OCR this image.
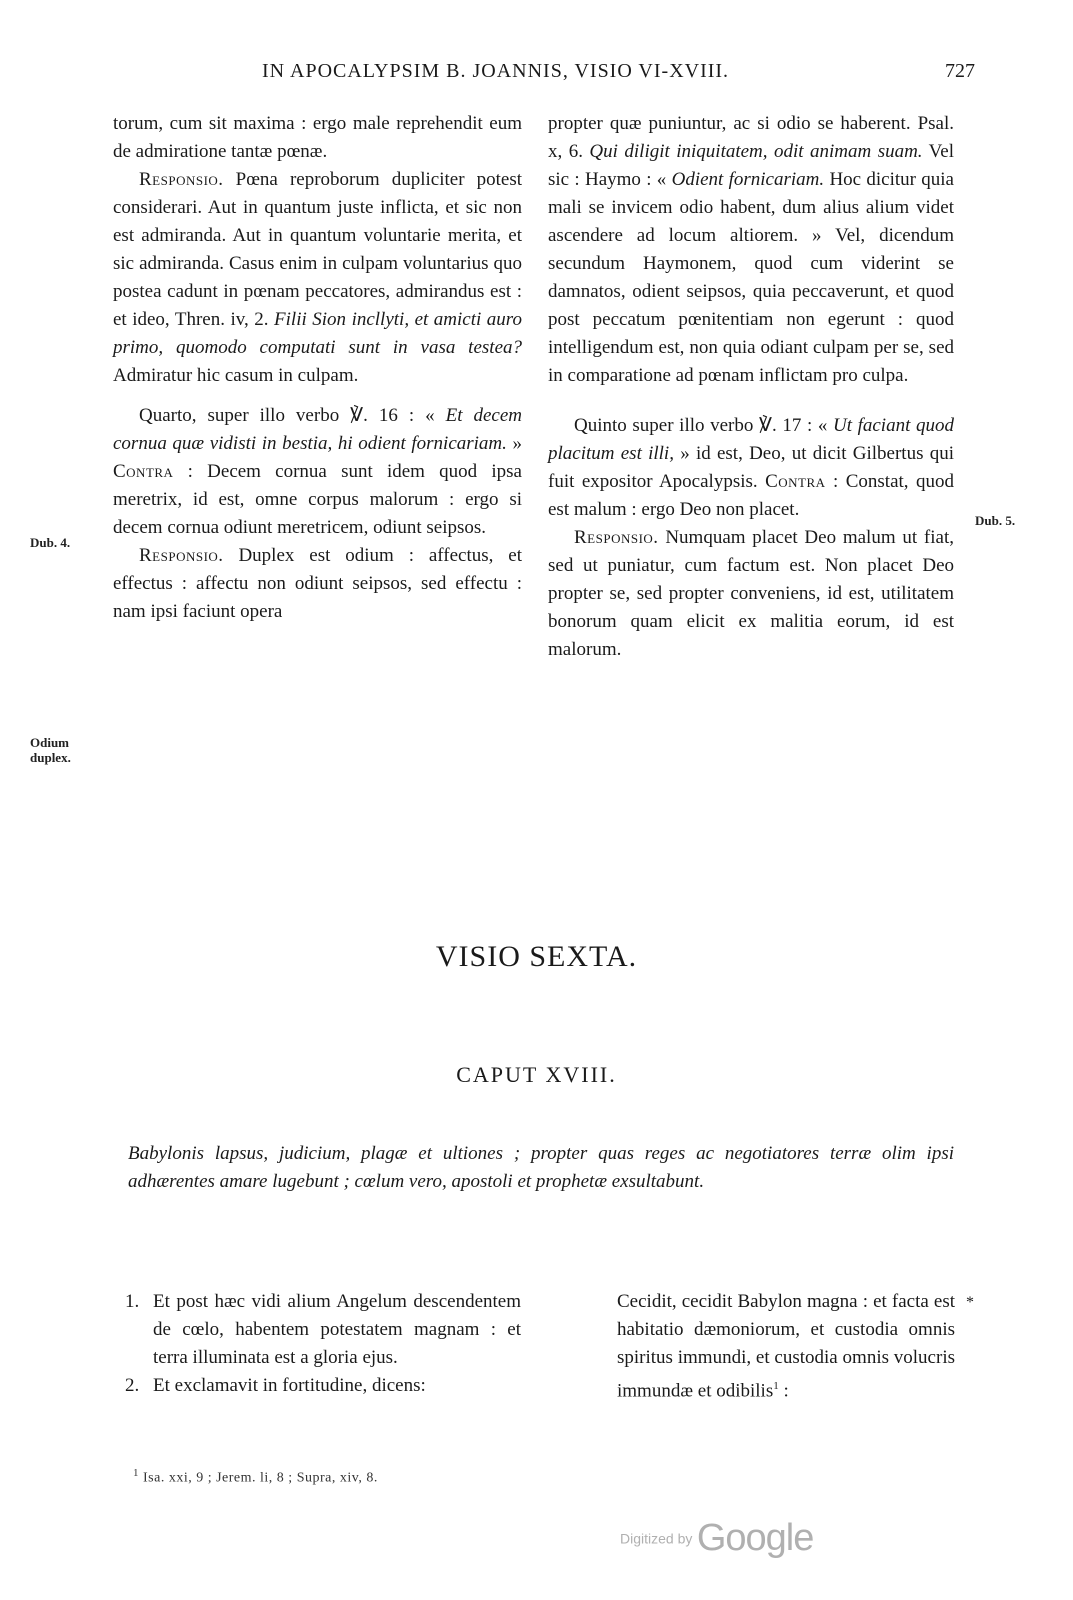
IN APOCALYPSIM B. JOANNIS, VISIO VI-XVIII.	727

torum, cum sit maxima : ergo male reprehendit eum de admiratione tantæ pœnæ.

Responsio. Pœna reproborum dupliciter potest considerari. Aut in quantum juste inflicta, et sic non est admiranda. Aut in quantum voluntarie merita, et sic admiranda. Casus enim in culpam voluntarius quo postea cadunt in pœnam peccatores, admirandus est : et ideo, Thren. iv, 2. Filii Sion incllyti, et amicti auro primo, quomodo computati sunt in vasa testea? Admiratur hic casum in culpam.

Quarto, super illo verbo ℣. 16 : « Et decem cornua quæ vidisti in bestia, hi odient fornicariam. » Contra : Decem cornua sunt idem quod ipsa meretrix, id est, omne corpus malorum : ergo si decem cornua odiunt meretricem, odiunt seipsos.

Responsio. Duplex est odium : affectus, et effectus : affectu non odiunt seipsos, sed effectu : nam ipsi faciunt opera

propter quæ puniuntur, ac si odio se haberent. Psal. x, 6. Qui diligit iniquitatem, odit animam suam. Vel sic : Haymo : « Odient fornicariam. Hoc dicitur quia mali se invicem odio habent, dum alius alium videt ascendere ad locum altiorem. » Vel, dicendum secundum Haymonem, quod cum viderint se damnatos, odient seipsos, quia peccaverunt, et quod post peccatum pœnitentiam non egerunt : quod intelligendum est, non quia odiant culpam per se, sed in comparatione ad pœnam inflictam pro culpa.

Quinto super illo verbo ℣. 17 : « Ut faciant quod placitum est illi, » id est, Deo, ut dicit Gilbertus qui fuit expositor Apocalypsis. Contra : Constat, quod est malum : ergo Deo non placet.

Responsio. Numquam placet Deo malum ut fiat, sed ut puniatur, cum factum est. Non placet Deo propter se, sed propter conveniens, id est, utilitatem bonorum quam elicit ex malitia eorum, id est malorum.

Dub. 4.
Odium
duplex.
Dub. 5.
VISIO SEXTA.
CAPUT XVIII.
Babylonis lapsus, judicium, plagæ et ultiones ; propter quas reges ac negotiatores terræ olim ipsi adhærentes amare lugebunt ; cœlum vero, apostoli et prophetæ exsultabunt.
1. Et post hæc vidi alium Angelum descendentem de cœlo, habentem potestatem magnam : et terra illuminata est a gloria ejus.
2. Et exclamavit in fortitudine, dicens:
Cecidit, cecidit Babylon magna : et facta est habitatio dæmoniorum, et custodia omnis spiritus immundi, et custodia omnis volucris immundæ et odibilis$^1$ :
*
$^1$ Isa. xxi, 9 ; Jerem. li, 8 ; Supra, xiv, 8.
Digitized by Google
